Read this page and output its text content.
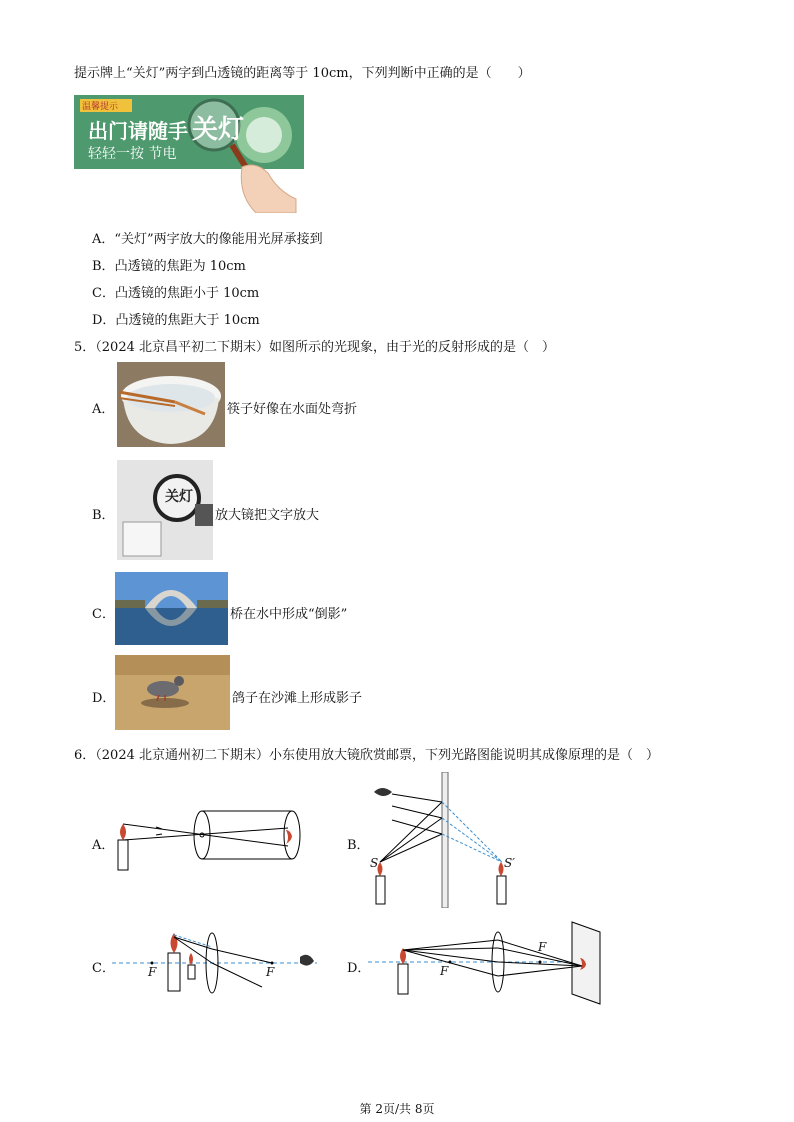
提示牌上“关灯”两字到凸透镜的距离等于 10cm，下列判断中正确的是（　　）
温馨提示
出门请随手 关灯
轻轻一按 节电
A．“关灯”两字放大的像能用光屏承接到
B．凸透镜的焦距为 10cm
C．凸透镜的焦距小于 10cm
D．凸透镜的焦距大于 10cm
5．（2024 北京昌平初二下期末）如图所示的光现象，由于光的反射形成的是（　）
A．	筷子好像在水面处弯折
B．
关灯
放大镜把文字放大
C．	桥在水中形成“倒影”
D．	鸽子在沙滩上形成影子
6．（2024 北京通州初二下期末）小东使用放大镜欣赏邮票，下列光路图能说明其成像原理的是（　）
A．	B．
S	S′
C．	F	F	D．	F
F
第 2页/共 8页
